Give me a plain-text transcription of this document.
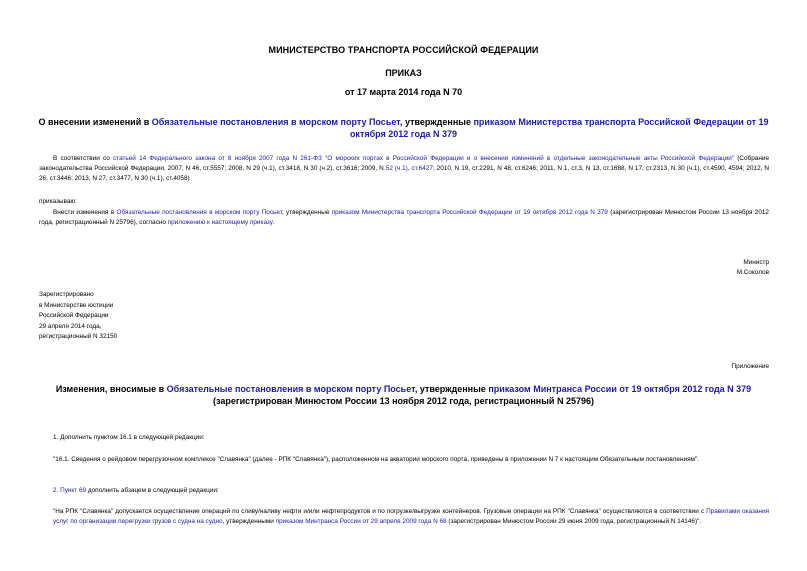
МИНИСТЕРСТВО ТРАНСПОРТА РОССИЙСКОЙ ФЕДЕРАЦИИ
ПРИКАЗ
от 17 марта 2014 года N 70
О внесении изменений в Обязательные постановления в морском порту Посьет, утвержденные приказом Министерства транспорта Российской Федерации от 19 октября 2012 года N 379
В соответствии со статьей 14 Федерального закона от 8 ноября 2007 года N 261-ФЗ "О морских портах в Российской Федерации и о внесении изменений в отдельные законодательные акты Российской Федерации" (Собрание законодательства Российской Федерации, 2007, N 46, ст.5557; 2008, N 29 (ч.1), ст.3418, N 30 (ч.2), ст.3616; 2009, N 52 (ч.1), ст.6427; 2010, N 19, ст.2291, N 48, ст.6246; 2011, N 1, ст.3, N 13, ст.1688, N 17, ст.2313, N 30 (ч.1), ст.4590, 4594; 2012, N 26, ст.3446; 2013, N 27, ст.3477, N 30 (ч.1), ст.4058)
приказываю:
Внести изменения в Обязательные постановления в морском порту Посьет, утвержденные приказом Министерства транспорта Российской Федерации от 19 октября 2012 года N 379 (зарегистрирован Минюстом России 13 ноября 2012 года, регистрационный N 25796), согласно приложению к настоящему приказу.
Министр
М.Соколов
Зарегистрировано
в Министерстве юстиции
Российской Федерации
29 апреля 2014 года,
регистрационный N 32150
Приложение
Изменения, вносимые в Обязательные постановления в морском порту Посьет, утвержденные приказом Минтранса России от 19 октября 2012 года N 379
(зарегистрирован Минюстом России 13 ноября 2012 года, регистрационный N 25796)
1. Дополнить пунктом 16.1 в следующей редакции:
"16.1. Сведения о рейдовом перегрузочном комплексе "Славянка" (далее - РПК "Славянка"), расположенном на акватории морского порта, приведены в приложении N 7 к настоящим Обязательным постановлениям".
2. Пункт 69 дополнить абзацем в следующей редакции:
"На РПК "Славянка" допускается осуществление операций по сливу/наливу нефти и/или нефтепродуктов и по погрузке/выгрузке контейнеров. Грузовые операции на РПК "Славянка" осуществляются в соответствии с Правилами оказания услуг по организации перегрузки грузов с судна на судно, утвержденными приказом Минтранса России от 29 апреля 2009 года N 68 (зарегистрирован Минюстом России 29 июня 2009 года, регистрационный N 14146)".
